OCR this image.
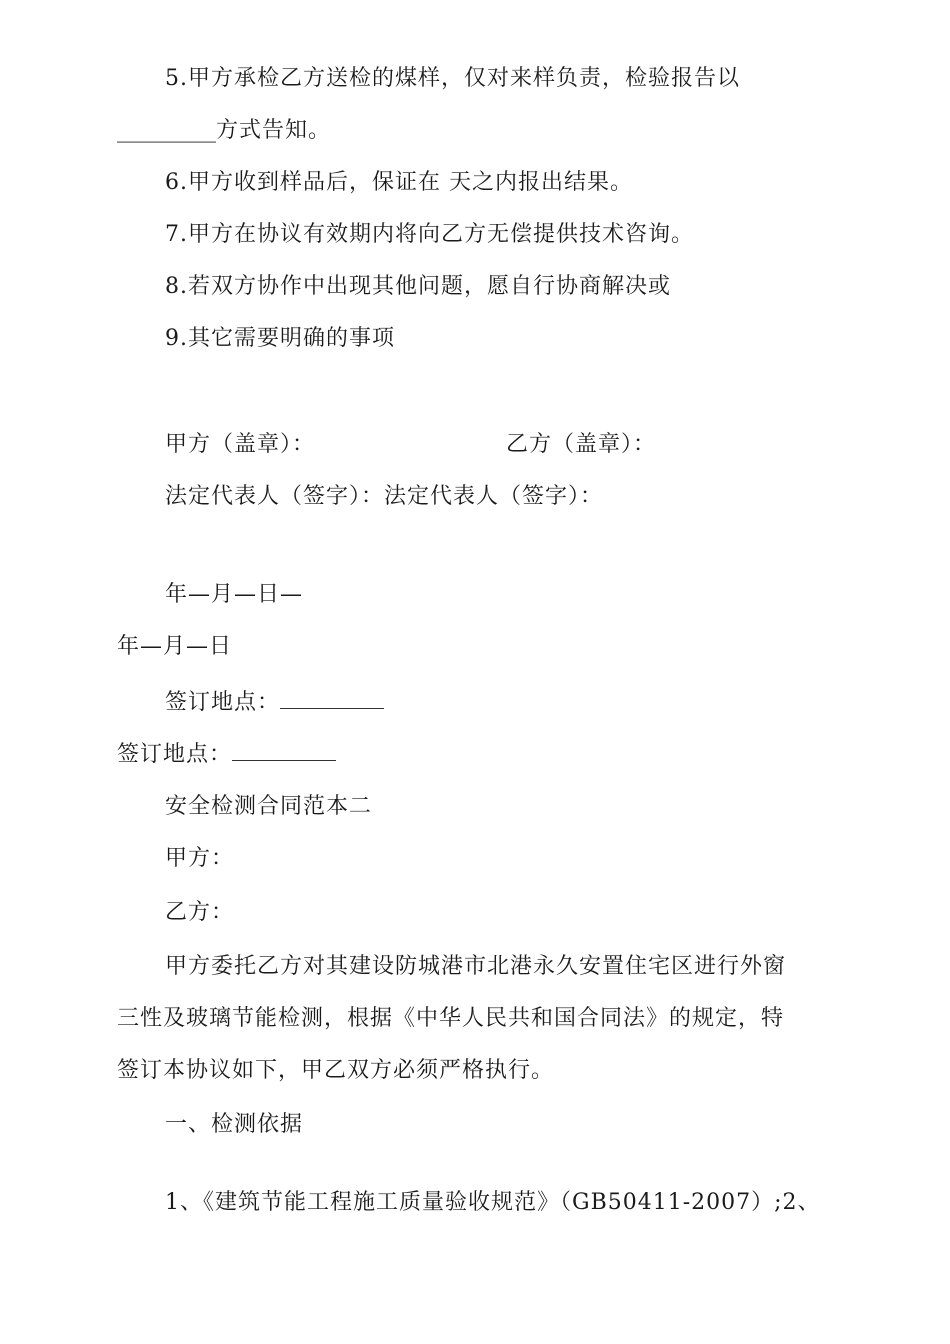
5.甲方承检乙方送检的煤样，仅对来样负责，检验报告以
_________方式告知。
6.甲方收到样品后，保证在 天之内报出结果。
7.甲方在协议有效期内将向乙方无偿提供技术咨询。
8.若双方协作中出现其他问题，愿自行协商解决或
9.其它需要明确的事项
甲方（盖章）：	乙方（盖章）：
法定代表人（签字）：法定代表人（签字）：
年—月—日—
年—月—日
签订地点：
签订地点：
安全检测合同范本二
甲方：
乙方：
甲方委托乙方对其建设防城港市北港永久安置住宅区进行外窗
三性及玻璃节能检测，根据《中华人民共和国合同法》的规定，特
签订本协议如下，甲乙双方必须严格执行。
一、检测依据
1、《建筑节能工程施工质量验收规范》（GB50411-2007）;2、
